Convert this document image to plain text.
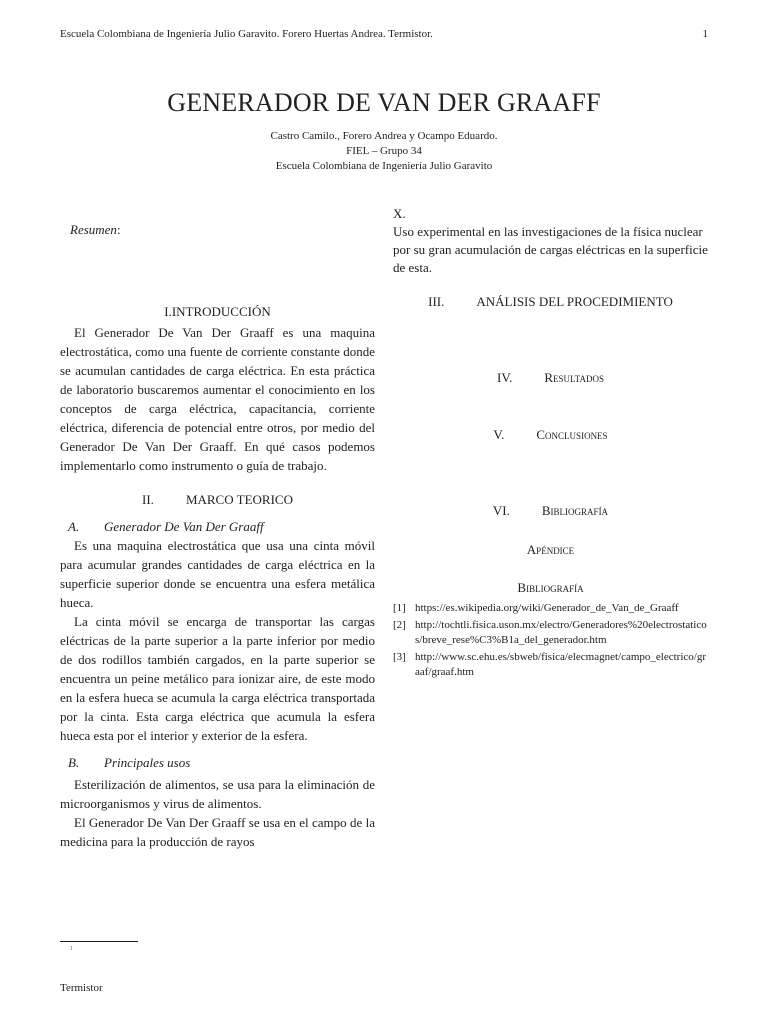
Escuela Colombiana de Ingeniería Julio Garavito. Forero Huertas Andrea. Termistor.	1
GENERADOR DE VAN DER GRAAFF
Castro Camilo., Forero Andrea y Ocampo Eduardo.
FIEL – Grupo 34
Escuela Colombiana de Ingeniería Julio Garavito
Resumen:
I.INTRODUCCIÓN

El Generador De Van Der Graaff es una maquina electrostática, como una fuente de corriente constante donde se acumulan cantidades de carga eléctrica. En esta práctica de laboratorio buscaremos aumentar el conocimiento en los conceptos de carga eléctrica, capacitancia, corriente eléctrica, diferencia de potencial entre otros, por medio del Generador De Van Der Graaff. En qué casos podemos implementarlo como instrumento o guía de trabajo.

II. MARCO TEORICO
A. Generador De Van Der Graaff

Es una maquina electrostática que usa una cinta móvil para acumular grandes cantidades de carga eléctrica en la superficie superior donde se encuentra una esfera metálica hueca.

La cinta móvil se encarga de transportar las cargas eléctricas de la parte superior a la parte inferior por medio de dos rodillos también cargados, en la parte superior se encuentra un peine metálico para ionizar aire, de este modo en la esfera hueca se acumula la carga eléctrica transportada por la cinta. Esta carga eléctrica que acumula la esfera hueca esta por el interior y exterior de la esfera.

B. Principales usos

Esterilización de alimentos, se usa para la eliminación de microorganismos y virus de alimentos.

El Generador De Van Der Graaff se usa en el campo de la medicina para la producción de rayos

X.

Uso experimental en las investigaciones de la física nuclear por su gran acumulación de cargas eléctricas en la superficie de esta.

III. ANÁLISIS DEL PROCEDIMIENTO
IV. Resultados
V. Conclusiones
VI. Bibliografía
Apéndice
Bibliografía
[1] https://es.wikipedia.org/wiki/Generador_de_Van_de_Graaff
[2] http://tochtli.fisica.uson.mx/electro/Generadores%20electrostaticos/breve_rese%C3%B1a_del_generador.htm
[3] http://www.sc.ehu.es/sbweb/fisica/elecmagnet/campo_electrico/graaf/graaf.htm
1
Termistor
